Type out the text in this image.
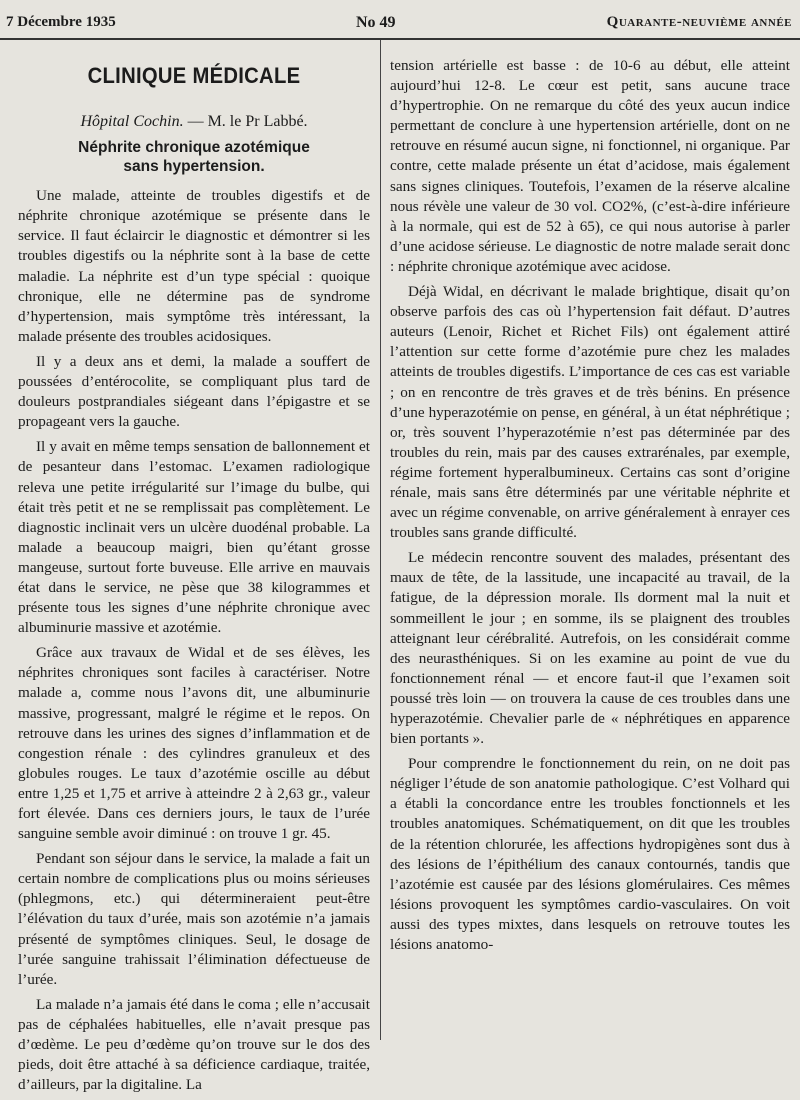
7 Décembre 1935	No 49	Quarante-neuvième année
CLINIQUE MÉDICALE
Hôpital Cochin. — M. le Pr Labbé.
Néphrite chronique azotémique
sans hypertension.

Une malade, atteinte de troubles digestifs et de néphrite chronique azotémique se présente dans le service. Il faut éclaircir le diagnostic et démontrer si les troubles digestifs ou la néphrite sont à la base de cette maladie. La néphrite est d’un type spécial : quoique chronique, elle ne détermine pas de syndrome d’hypertension, mais symptôme très intéressant, la malade présente des troubles acidosiques.

Il y a deux ans et demi, la malade a souffert de poussées d’entérocolite, se compliquant plus tard de douleurs postprandiales siégeant dans l’épigastre et se propageant vers la gauche.

Il y avait en même temps sensation de ballonnement et de pesanteur dans l’estomac. L’examen radiologique releva une petite irrégularité sur l’image du bulbe, qui était très petit et ne se remplissait pas complètement. Le diagnostic inclinait vers un ulcère duodénal probable. La malade a beaucoup maigri, bien qu’étant grosse mangeuse, surtout forte buveuse. Elle arrive en mauvais état dans le service, ne pèse que 38 kilogrammes et présente tous les signes d’une néphrite chronique avec albuminurie massive et azotémie.

Grâce aux travaux de Widal et de ses élèves, les néphrites chroniques sont faciles à caractériser. Notre malade a, comme nous l’avons dit, une albuminurie massive, progressant, malgré le régime et le repos. On retrouve dans les urines des signes d’inflammation et de congestion rénale : des cylindres granuleux et des globules rouges. Le taux d’azotémie oscille au début entre 1,25 et 1,75 et arrive à atteindre 2 à 2,63 gr., valeur fort élevée. Dans ces derniers jours, le taux de l’urée sanguine semble avoir diminué : on trouve 1 gr. 45.

Pendant son séjour dans le service, la malade a fait un certain nombre de complications plus ou moins sérieuses (phlegmons, etc.) qui détermineraient peut-être l’élévation du taux d’urée, mais son azotémie n’a jamais présenté de symptômes cliniques. Seul, le dosage de l’urée sanguine trahissait l’élimination défectueuse de l’urée.

La malade n’a jamais été dans le coma ; elle n’accusait pas de céphalées habituelles, elle n’avait presque pas d’œdème. Le peu d’œdème qu’on trouve sur le dos des pieds, doit être attaché à sa déficience cardiaque, traitée, d’ailleurs, par la digitaline. La

tension artérielle est basse : de 10-6 au début, elle atteint aujourd’hui 12-8. Le cœur est petit, sans aucune trace d’hypertrophie. On ne remarque du côté des yeux aucun indice permettant de conclure à une hypertension artérielle, dont on ne retrouve en résumé aucun signe, ni fonctionnel, ni organique. Par contre, cette malade présente un état d’acidose, mais également sans signes cliniques. Toutefois, l’examen de la réserve alcaline nous révèle une valeur de 30 vol. CO2%, (c’est-à-dire inférieure à la normale, qui est de 52 à 65), ce qui nous autorise à parler d’une acidose sérieuse. Le diagnostic de notre malade serait donc : néphrite chronique azotémique avec acidose.

Déjà Widal, en décrivant le malade brightique, disait qu’on observe parfois des cas où l’hypertension fait défaut. D’autres auteurs (Lenoir, Richet et Richet Fils) ont également attiré l’attention sur cette forme d’azotémie pure chez les malades atteints de troubles digestifs. L’importance de ces cas est variable ; on en rencontre de très graves et de très bénins. En présence d’une hyperazotémie on pense, en général, à un état néphrétique ; or, très souvent l’hyperazotémie n’est pas déterminée par des troubles du rein, mais par des causes extrarénales, par exemple, régime fortement hyperalbumineux. Certains cas sont d’origine rénale, mais sans être déterminés par une véritable néphrite et avec un régime convenable, on arrive généralement à enrayer ces troubles sans grande difficulté.

Le médecin rencontre souvent des malades, présentant des maux de tête, de la lassitude, une incapacité au travail, de la fatigue, de la dépression morale. Ils dorment mal la nuit et sommeillent le jour ; en somme, ils se plaignent des troubles atteignant leur cérébralité. Autrefois, on les considérait comme des neurasthéniques. Si on les examine au point de vue du fonctionnement rénal — et encore faut-il que l’examen soit poussé très loin — on trouvera la cause de ces troubles dans une hyperazotémie. Chevalier parle de « néphrétiques en apparence bien portants ».

Pour comprendre le fonctionnement du rein, on ne doit pas négliger l’étude de son anatomie pathologique. C’est Volhard qui a établi la concordance entre les troubles fonctionnels et les troubles anatomiques. Schématiquement, on dit que les troubles de la rétention chlorurée, les affections hydropigènes sont dus à des lésions de l’épithélium des canaux contournés, tandis que l’azotémie est causée par des lésions glomérulaires. Ces mêmes lésions provoquent les symptômes cardio-vasculaires. On voit aussi des types mixtes, dans lesquels on retrouve toutes les lésions anatomo-
